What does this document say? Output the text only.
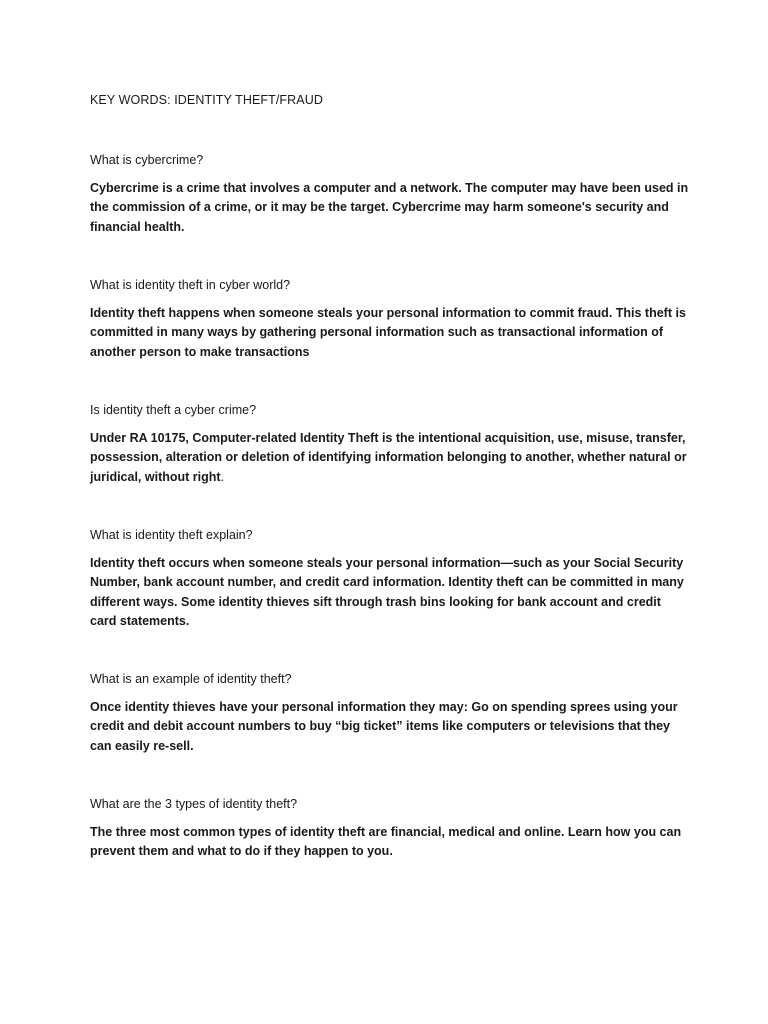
KEY WORDS: IDENTITY THEFT/FRAUD
What is cybercrime?

Cybercrime is a crime that involves a computer and a network. The computer may have been used in the commission of a crime, or it may be the target. Cybercrime may harm someone's security and financial health.

What is identity theft in cyber world?

Identity theft happens when someone steals your personal information to commit fraud. This theft is committed in many ways by gathering personal information such as transactional information of another person to make transactions

Is identity theft a cyber crime?

Under RA 10175, Computer-related Identity Theft is the intentional acquisition, use, misuse, transfer, possession, alteration or deletion of identifying information belonging to another, whether natural or juridical, without right.

What is identity theft explain?

Identity theft occurs when someone steals your personal information—such as your Social Security Number, bank account number, and credit card information. Identity theft can be committed in many different ways. Some identity thieves sift through trash bins looking for bank account and credit card statements.

What is an example of identity theft?

Once identity thieves have your personal information they may: Go on spending sprees using your credit and debit account numbers to buy “big ticket” items like computers or televisions that they can easily re-sell.

What are the 3 types of identity theft?

The three most common types of identity theft are financial, medical and online. Learn how you can prevent them and what to do if they happen to you.
